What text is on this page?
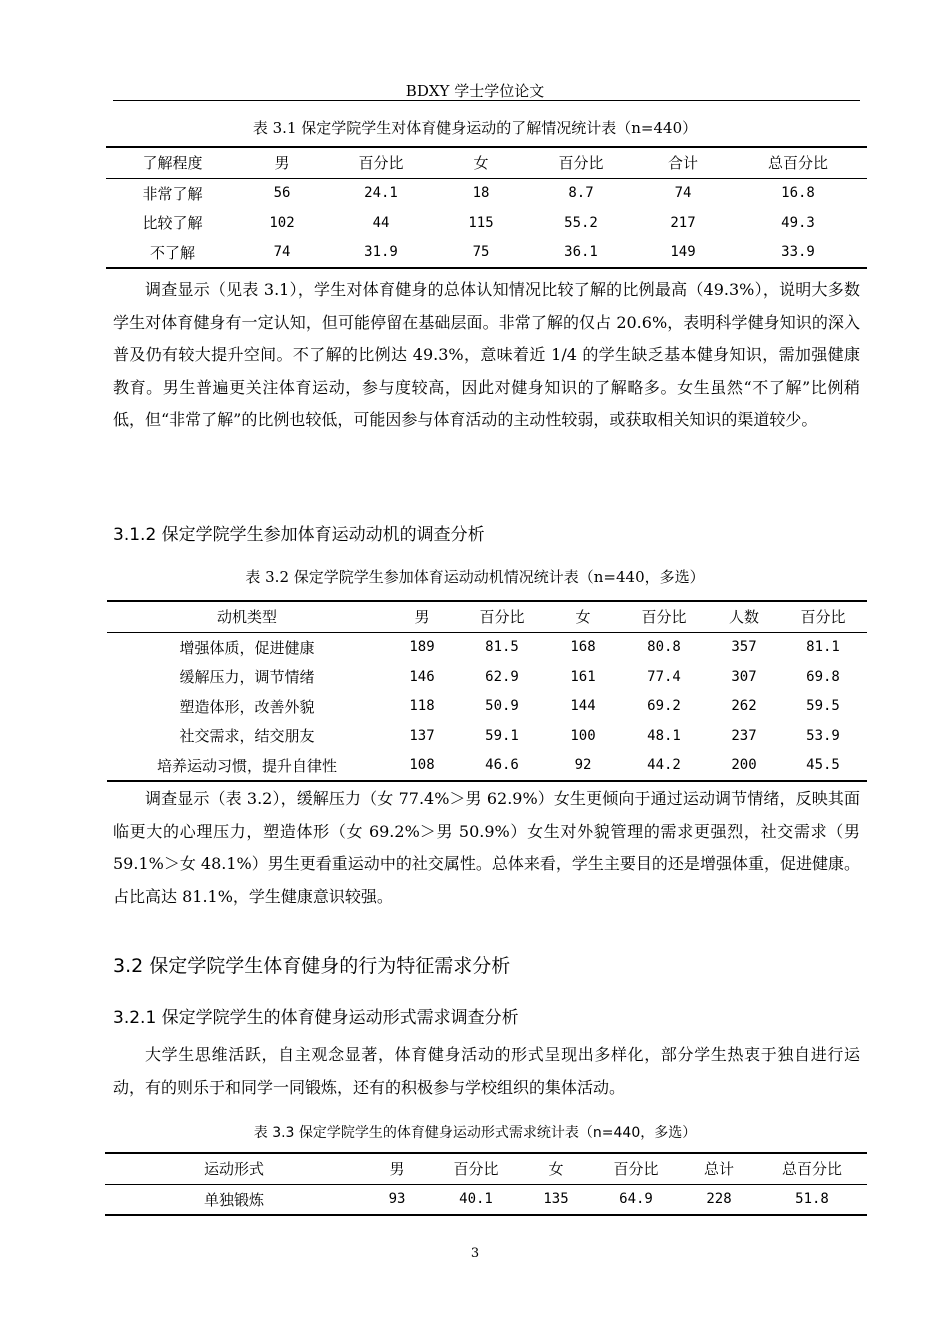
BDXY 学士学位论文
表 3.1 保定学院学生对体育健身运动的了解情况统计表（n=440）
了解程度	男	百分比	女	百分比	合计	总百分比
非常了解	56	24.1	18	8.7	74	16.8
比较了解	102	44	115	55.2	217	49.3
不了解	74	31.9	75	36.1	149	33.9
调查显示（见表 3.1），学生对体育健身的总体认知情况比较了解的比例最高（49.3%），说明大多数学生对体育健身有一定认知，但可能停留在基础层面。非常了解的仅占 20.6%，表明科学健身知识的深入普及仍有较大提升空间。不了解的比例达 49.3%，意味着近 1/4 的学生缺乏基本健身知识，需加强健康教育。男生普遍更关注体育运动，参与度较高，因此对健身知识的了解略多。女生虽然“不了解”比例稍低，但“非常了解”的比例也较低，可能因参与体育活动的主动性较弱，或获取相关知识的渠道较少。
3.1.2 保定学院学生参加体育运动动机的调查分析
表 3.2 保定学院学生参加体育运动动机情况统计表（n=440，多选）
动机类型	男	百分比	女	百分比	人数	百分比
增强体质，促进健康	189	81.5	168	80.8	357	81.1
缓解压力，调节情绪	146	62.9	161	77.4	307	69.8
塑造体形，改善外貌	118	50.9	144	69.2	262	59.5
社交需求，结交朋友	137	59.1	100	48.1	237	53.9
培养运动习惯，提升自律性	108	46.6	92	44.2	200	45.5
调查显示（表 3.2），缓解压力（女 77.4%＞男 62.9%）女生更倾向于通过运动调节情绪，反映其面临更大的心理压力，塑造体形（女 69.2%＞男 50.9%）女生对外貌管理的需求更强烈，社交需求（男 59.1%＞女 48.1%）男生更看重运动中的社交属性。总体来看，学生主要目的还是增强体重，促进健康。占比高达 81.1%，学生健康意识较强。
3.2 保定学院学生体育健身的行为特征需求分析
3.2.1 保定学院学生的体育健身运动形式需求调查分析
大学生思维活跃，自主观念显著，体育健身活动的形式呈现出多样化，部分学生热衷于独自进行运动，有的则乐于和同学一同锻炼，还有的积极参与学校组织的集体活动。
表 3.3 保定学院学生的体育健身运动形式需求统计表（n=440，多选）
运动形式	男	百分比	女	百分比	总计	总百分比
单独锻炼	93	40.1	135	64.9	228	51.8
3
